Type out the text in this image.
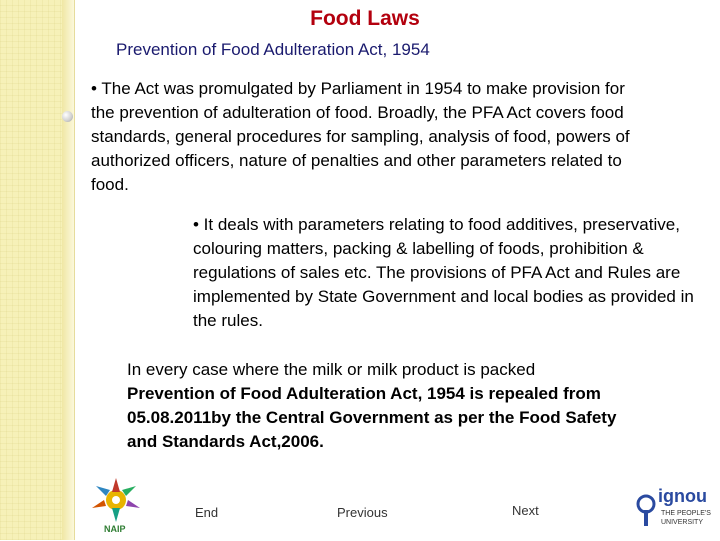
Food Laws
Prevention of Food Adulteration Act, 1954

• The Act was promulgated by Parliament in 1954 to make provision for the prevention of adulteration of food. Broadly, the PFA Act covers food standards, general procedures for sampling, analysis of food, powers of authorized officers, nature of penalties and other parameters related to food.

• It deals with parameters relating to food additives, preservative, colouring matters, packing & labelling of foods, prohibition & regulations of sales etc. The provisions of PFA Act and Rules are implemented by State Government and local bodies as provided in the rules.

In every case where the milk or milk product is packed
Prevention of Food Adulteration Act, 1954 is repealed from 05.08.2011by the Central Government as per the Food Safety and Standards Act,2006.

NAIP
End	Previous	Next
ignou
THE PEOPLE'S
UNIVERSITY
